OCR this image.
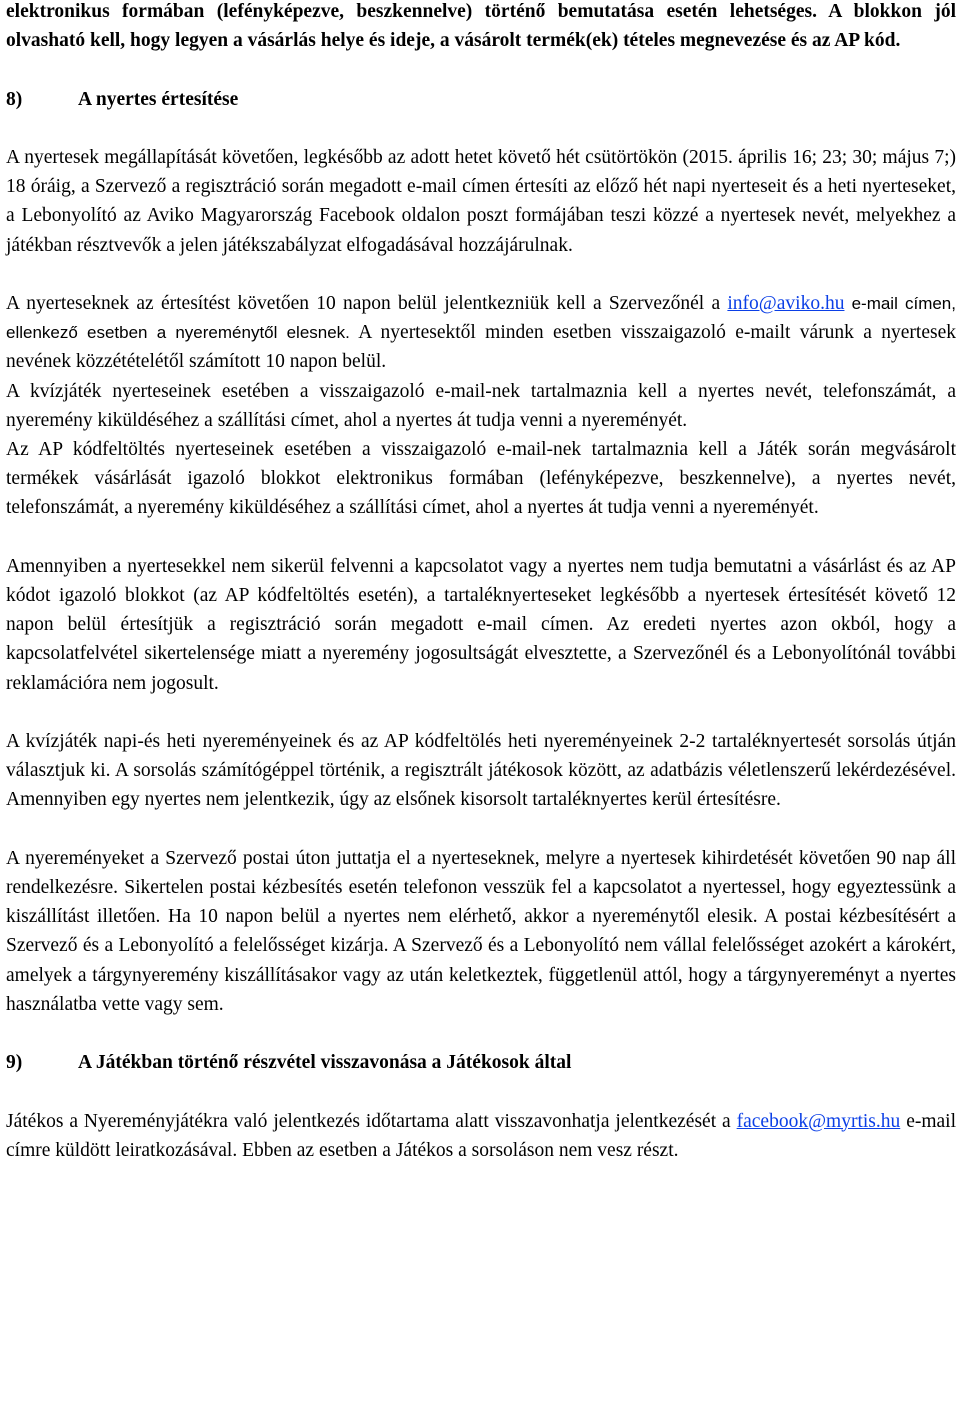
elektronikus formában (lefényképezve, beszkennelve) történő bemutatása esetén lehetséges. A blokkon jól olvasható kell, hogy legyen a vásárlás helye és ideje, a vásárolt termék(ek) tételes megnevezése és az AP kód.

8)	A nyertes értesítése

A nyertesek megállapítását követően, legkésőbb az adott hetet követő hét csütörtökön (2015. április 16; 23; 30; május 7;) 18 óráig, a Szervező a regisztráció során megadott e-mail címen értesíti az előző hét napi nyerteseit és a heti nyerteseket, a Lebonyolító az Aviko Magyarország Facebook oldalon poszt formájában teszi közzé a nyertesek nevét, melyekhez a játékban résztvevők a jelen játékszabályzat elfogadásával hozzájárulnak.

A nyerteseknek az értesítést követően 10 napon belül jelentkezniük kell a Szervezőnél a info@aviko.hu e-mail címen, ellenkező esetben a nyereménytől elesnek. A nyertesektől minden esetben visszaigazoló e-mailt várunk a nyertesek nevének közzétételétől számított 10 napon belül.

A kvízjáték nyerteseinek esetében a visszaigazoló e-mail-nek tartalmaznia kell a nyertes nevét, telefonszámát, a nyeremény kiküldéséhez a szállítási címet, ahol a nyertes át tudja venni a nyereményét.

Az AP kódfeltöltés nyerteseinek esetében a visszaigazoló e-mail-nek tartalmaznia kell a Játék során megvásárolt termékek vásárlását igazoló blokkot elektronikus formában (lefényképezve, beszkennelve), a nyertes nevét, telefonszámát, a nyeremény kiküldéséhez a szállítási címet, ahol a nyertes át tudja venni a nyereményét.

Amennyiben a nyertesekkel nem sikerül felvenni a kapcsolatot vagy a nyertes nem tudja bemutatni a vásárlást és az AP kódot igazoló blokkot (az AP kódfeltöltés esetén), a tartaléknyerteseket legkésőbb a nyertesek értesítését követő 12 napon belül értesítjük a regisztráció során megadott e-mail címen. Az eredeti nyertes azon okból, hogy a kapcsolatfelvétel sikertelensége miatt a nyeremény jogosultságát elvesztette, a Szervezőnél és a Lebonyolítónál további reklamációra nem jogosult.

A kvízjáték napi-és heti nyereményeinek és az AP kódfeltölés heti nyereményeinek 2-2 tartaléknyertesét sorsolás útján választjuk ki. A sorsolás számítógéppel történik, a regisztrált játékosok között, az adatbázis véletlenszerű lekérdezésével. Amennyiben egy nyertes nem jelentkezik, úgy az elsőnek kisorsolt tartaléknyertes kerül értesítésre.

A nyereményeket a Szervező postai úton juttatja el a nyerteseknek, melyre a nyertesek kihirdetését követően 90 nap áll rendelkezésre. Sikertelen postai kézbesítés esetén telefonon vesszük fel a kapcsolatot a nyertessel, hogy egyeztessünk a kiszállítást illetően. Ha 10 napon belül a nyertes nem elérhető, akkor a nyereménytől elesik. A postai kézbesítésért a Szervező és a Lebonyolító a felelősséget kizárja. A Szervező és a Lebonyolító nem vállal felelősséget azokért a károkért, amelyek a tárgynyeremény kiszállításakor vagy az után keletkeztek, függetlenül attól, hogy a tárgynyereményt a nyertes használatba vette vagy sem.

9)	A Játékban történő részvétel visszavonása a Játékosok által

Játékos a Nyereményjátékra való jelentkezés időtartama alatt visszavonhatja jelentkezését a facebook@myrtis.hu e-mail címre küldött leiratkozásával. Ebben az esetben a Játékos a sorsoláson nem vesz részt.
